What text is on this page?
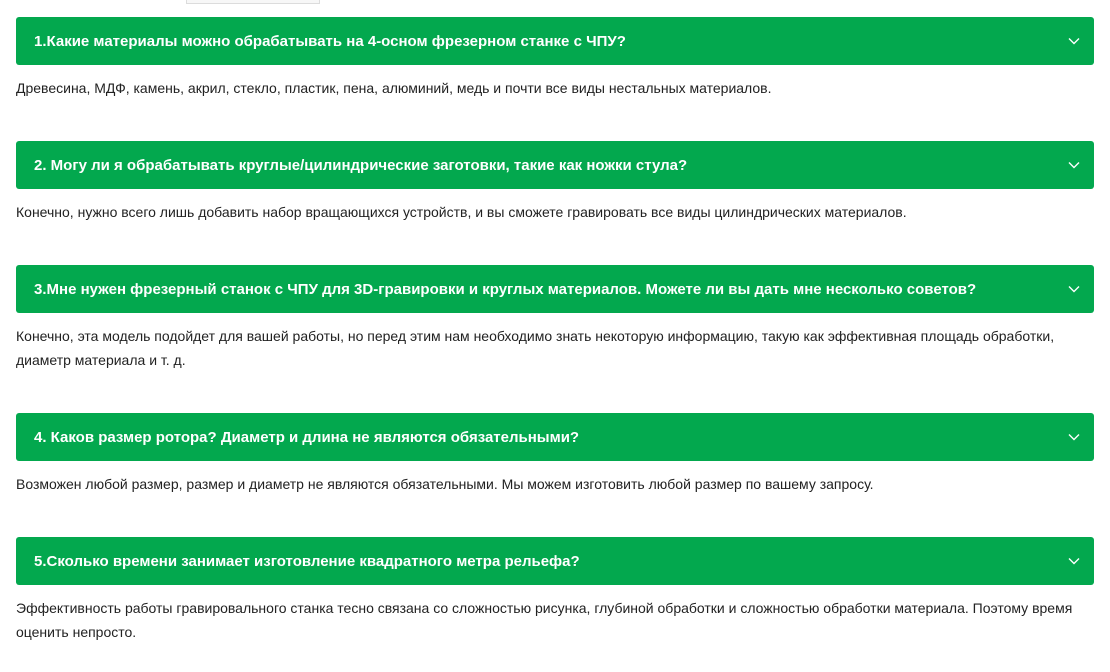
1.Какие материалы можно обрабатывать на 4-осном фрезерном станке с ЧПУ?
Древесина, МДФ, камень, акрил, стекло, пластик, пена, алюминий, медь и почти все виды нестальных материалов.
2. Могу ли я обрабатывать круглые/цилиндрические заготовки, такие как ножки стула?
Конечно, нужно всего лишь добавить набор вращающихся устройств, и вы сможете гравировать все виды цилиндрических материалов.
3.Мне нужен фрезерный станок с ЧПУ для 3D-гравировки и круглых материалов. Можете ли вы дать мне несколько советов?
Конечно, эта модель подойдет для вашей работы, но перед этим нам необходимо знать некоторую информацию, такую как эффективная площадь обработки, диаметр материала и т. д.
4. Каков размер ротора? Диаметр и длина не являются обязательными?
Возможен любой размер, размер и диаметр не являются обязательными. Мы можем изготовить любой размер по вашему запросу.
5.Сколько времени занимает изготовление квадратного метра рельефа?
Эффективность работы гравировального станка тесно связана со сложностью рисунка, глубиной обработки и сложностью обработки материала. Поэтому время оценить непросто.
